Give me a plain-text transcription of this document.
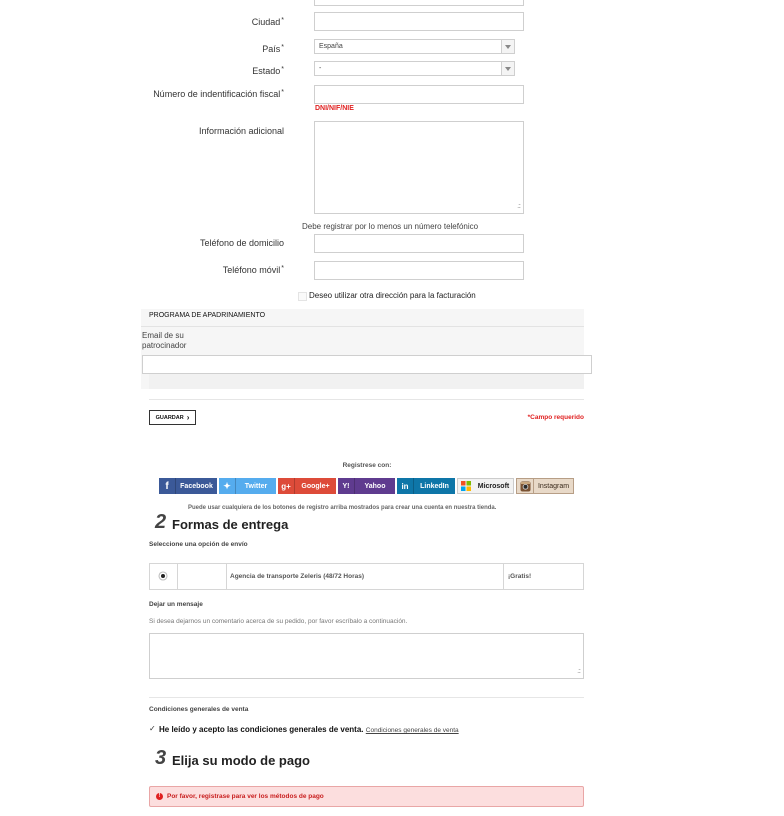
Ciudad*
País*	España
Estado*	-
Número de indentificación fiscal*
DNI/NIF/NIE
Información adicional
.::
Debe registrar por lo menos un número telefónico
Teléfono de domicilio
Teléfono móvil*
Deseo utilizar otra dirección para la facturación
PROGRAMA DE APADRINAMIENTO
Email de su patrocinador
GUARDAR ›	*Campo requerido
Registrese con:
f	Facebook	✦	Twitter	g+	Google+	Y!	Yahoo	in	LinkedIn	Microsoft	Instagram
Puede usar cualquiera de los botones de registro arriba mostrados para crear una cuenta en nuestra tienda.
2 Formas de entrega
Seleccione una opción de envío
Agencia de transporte Zeleris (48/72 Horas)	¡Gratis!
Dejar un mensaje
Si desea dejarnos un comentario acerca de su pedido, por favor escríbalo a continuación.
.::
Condiciones generales de venta
✓ He leído y acepto las condiciones generales de venta. Condiciones generales de venta
3 Elija su modo de pago
!	Por favor, registrase para ver los métodos de pago
